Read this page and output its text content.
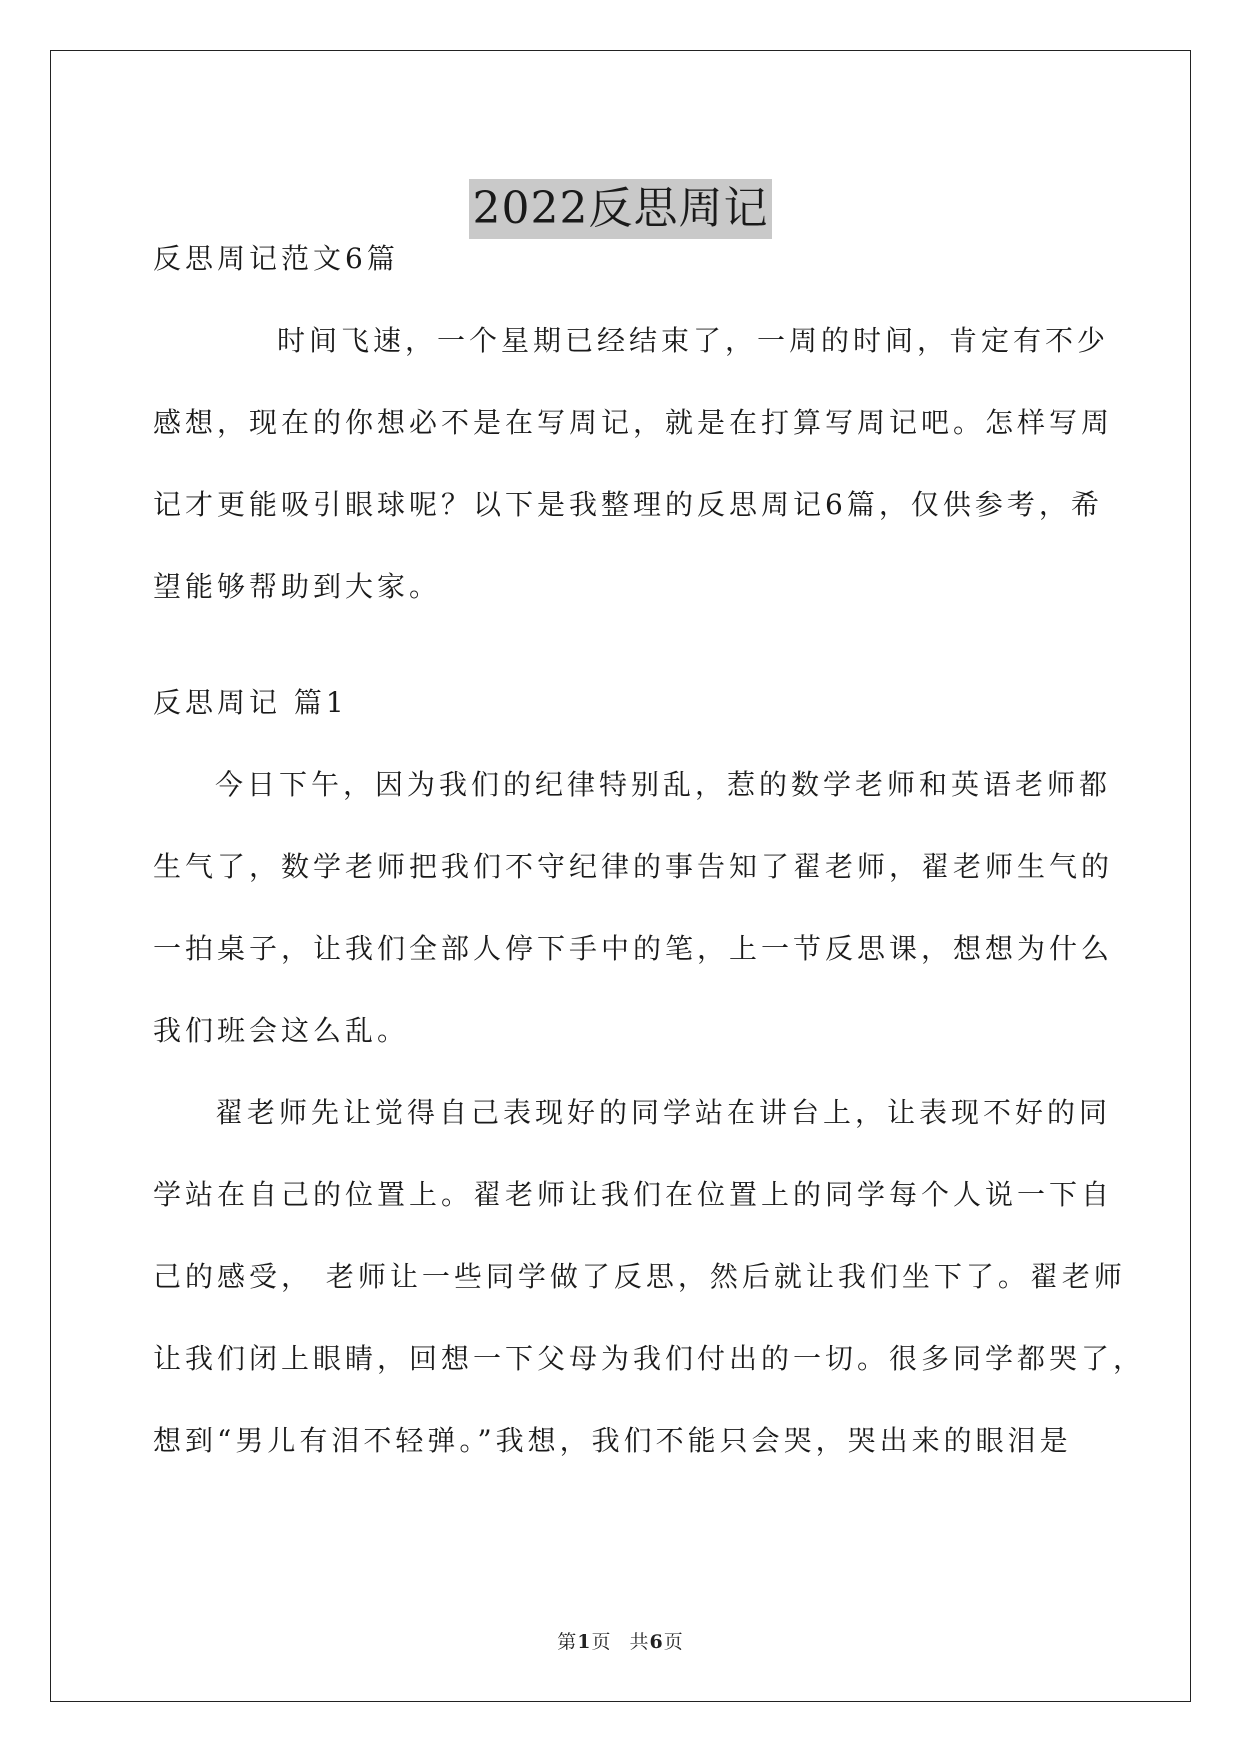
2022反思周记
反思周记范文6篇
时间飞速，一个星期已经结束了，一周的时间，肯定有不少
感想，现在的你想必不是在写周记，就是在打算写周记吧。怎样写周
记才更能吸引眼球呢？以下是我整理的反思周记6篇，仅供参考，希
望能够帮助到大家。
反思周记 篇1
今日下午，因为我们的纪律特别乱，惹的数学老师和英语老师都
生气了，数学老师把我们不守纪律的事告知了翟老师，翟老师生气的
一拍桌子，让我们全部人停下手中的笔，上一节反思课，想想为什么
我们班会这么乱。
翟老师先让觉得自己表现好的同学站在讲台上，让表现不好的同
学站在自己的位置上。翟老师让我们在位置上的同学每个人说一下自
己的感受， 老师让一些同学做了反思，然后就让我们坐下了。翟老师
让我们闭上眼睛，回想一下父母为我们付出的一切。很多同学都哭了，
想到“男儿有泪不轻弹。”我想，我们不能只会哭，哭出来的眼泪是
第1页 共6页
